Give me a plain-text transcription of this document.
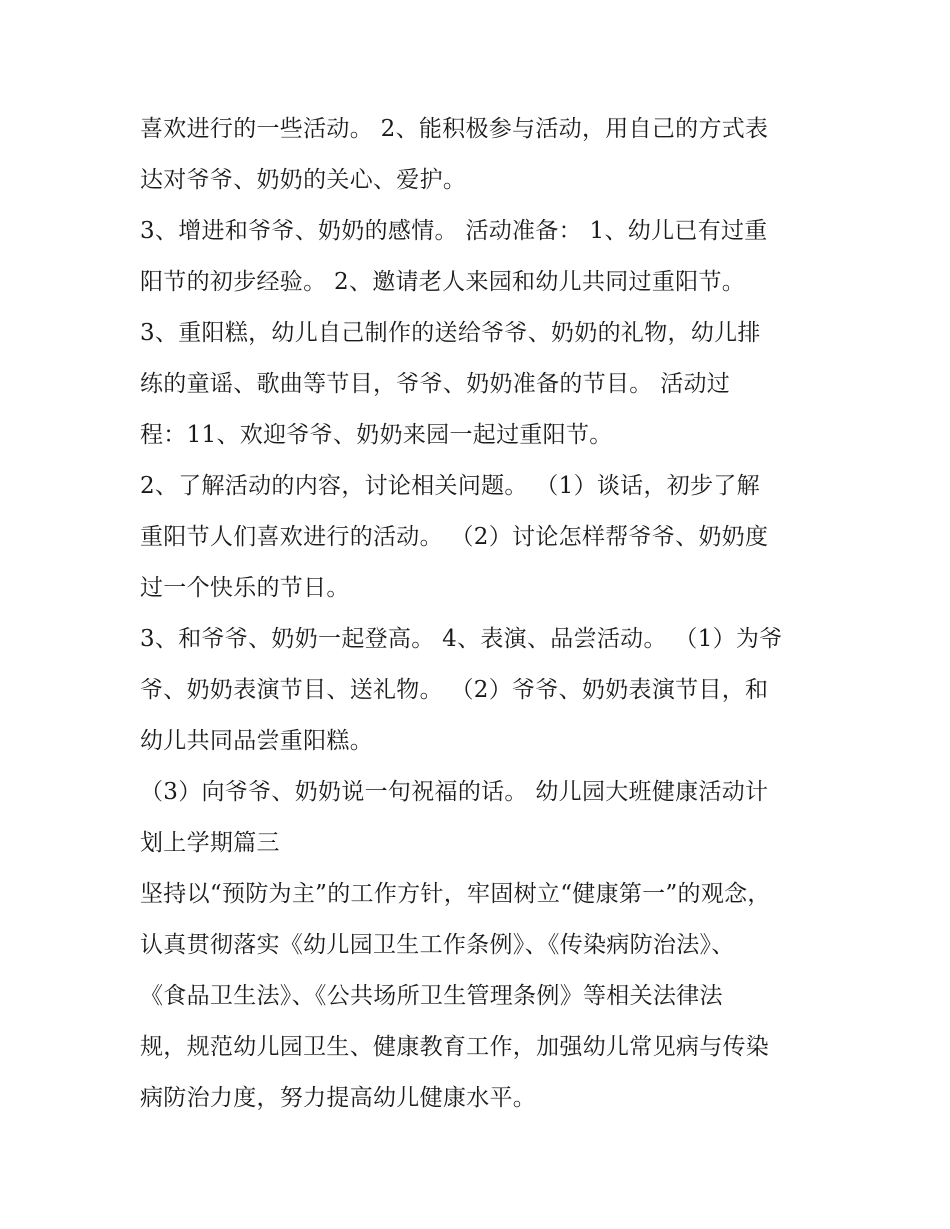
喜欢进行的一些活动。 2、能积极参与活动，用自己的方式表
达对爷爷、奶奶的关心、爱护。
3、增进和爷爷、奶奶的感情。 活动准备： 1、幼儿已有过重
阳节的初步经验。 2、邀请老人来园和幼儿共同过重阳节。
3、重阳糕，幼儿自己制作的送给爷爷、奶奶的礼物，幼儿排
练的童谣、歌曲等节目，爷爷、奶奶准备的节目。 活动过
程：11、欢迎爷爷、奶奶来园一起过重阳节。
2、了解活动的内容，讨论相关问题。 （1）谈话，初步了解
重阳节人们喜欢进行的活动。 （2）讨论怎样帮爷爷、奶奶度
过一个快乐的节日。
3、和爷爷、奶奶一起登高。 4、表演、品尝活动。 （1）为爷
爷、奶奶表演节目、送礼物。 （2）爷爷、奶奶表演节目，和
幼儿共同品尝重阳糕。
（3）向爷爷、奶奶说一句祝福的话。 幼儿园大班健康活动计
划上学期篇三
坚持以“预防为主”的工作方针，牢固树立“健康第一”的观念，
认真贯彻落实《幼儿园卫生工作条例》、《传染病防治法》、
《食品卫生法》、《公共场所卫生管理条例》等相关法律法
规，规范幼儿园卫生、健康教育工作，加强幼儿常见病与传染
病防治力度，努力提高幼儿健康水平。
